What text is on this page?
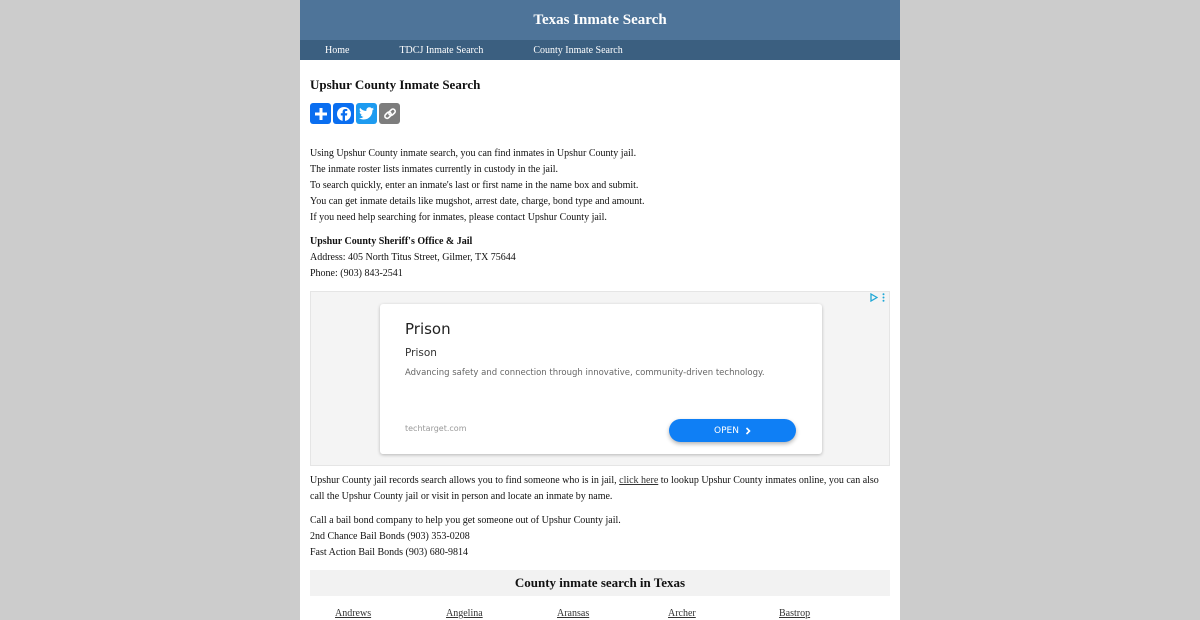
Texas Inmate Search
Home	TDCJ Inmate Search	County Inmate Search
Upshur County Inmate Search
Using Upshur County inmate search, you can find inmates in Upshur County jail.
The inmate roster lists inmates currently in custody in the jail.
To search quickly, enter an inmate's last or first name in the name box and submit.
You can get inmate details like mugshot, arrest date, charge, bond type and amount.
If you need help searching for inmates, please contact Upshur County jail.
Upshur County Sheriff's Office & Jail
Address: 405 North Titus Street, Gilmer, TX 75644
Phone: (903) 843-2541
Prison
Prison
Advancing safety and connection through innovative, community-driven technology.
techtarget.com	OPEN
Upshur County jail records search allows you to find someone who is in jail, click here to lookup Upshur County inmates online, you can also call the Upshur County jail or visit in person and locate an inmate by name.
Call a bail bond company to help you get someone out of Upshur County jail.
2nd Chance Bail Bonds (903) 353-0208
Fast Action Bail Bonds (903) 680-9814
County inmate search in Texas
Andrews	Angelina	Aransas	Archer	Bastrop
